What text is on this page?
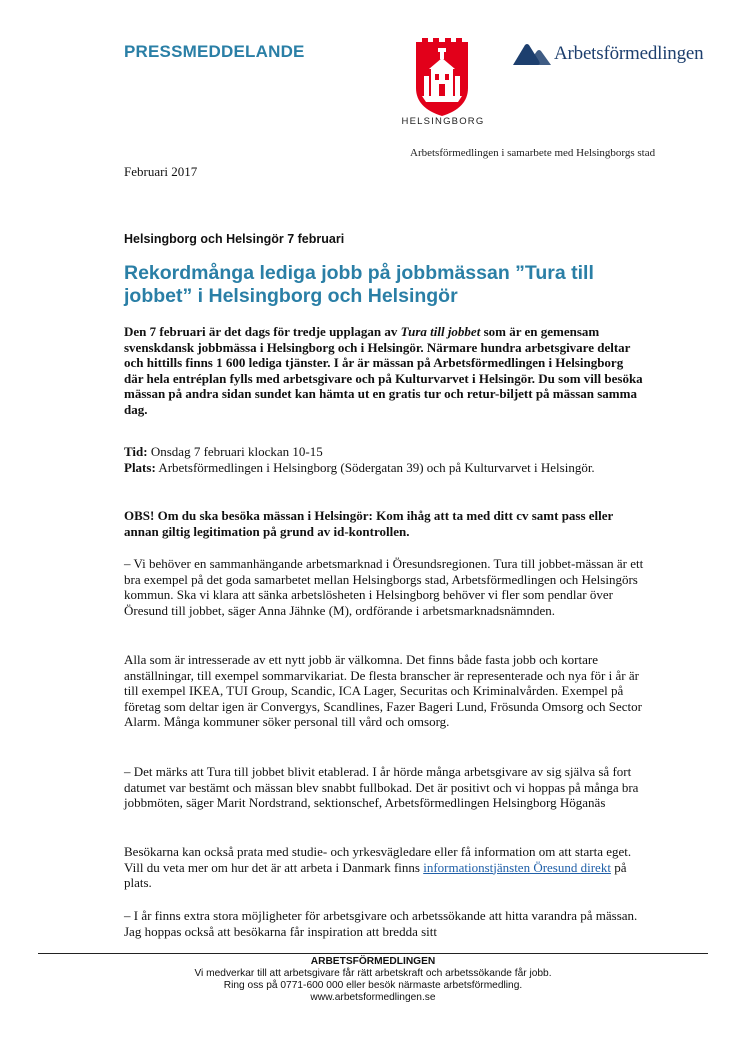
PRESSMEDDELANDE
HELSINGBORG
Arbetsförmedlingen
Arbetsförmedlingen i samarbete med Helsingborgs stad
Februari 2017
Helsingborg och Helsingör 7 februari
Rekordmånga lediga jobb på jobbmässan ”Tura till jobbet” i Helsingborg och Helsingör

Den 7 februari är det dags för tredje upplagan av Tura till jobbet som är en gemensam svenskdansk jobbmässa i Helsingborg och i Helsingör. Närmare hundra arbetsgivare deltar och hittills finns 1 600 lediga tjänster. I år är mässan på Arbetsförmedlingen i Helsingborg där hela entréplan fylls med arbetsgivare och på Kulturvarvet i Helsingör. Du som vill besöka mässan på andra sidan sundet kan hämta ut en gratis tur och retur-biljett på mässan samma dag.

Tid: Onsdag 7 februari klockan 10-15

Plats: Arbetsförmedlingen i Helsingborg (Södergatan 39) och på Kulturvarvet i Helsingör.

OBS! Om du ska besöka mässan i Helsingör: Kom ihåg att ta med ditt cv samt pass eller annan giltig legitimation på grund av id-kontrollen.

– Vi behöver en sammanhängande arbetsmarknad i Öresundsregionen. Tura till jobbet-mässan är ett bra exempel på det goda samarbetet mellan Helsingborgs stad, Arbetsförmedlingen och Helsingörs kommun. Ska vi klara att sänka arbetslösheten i Helsingborg behöver vi fler som pendlar över Öresund till jobbet, säger Anna Jähnke (M), ordförande i arbetsmarknadsnämnden.

Alla som är intresserade av ett nytt jobb är välkomna. Det finns både fasta jobb och kortare anställningar, till exempel sommarvikariat. De flesta branscher är representerade och nya för i år är till exempel IKEA, TUI Group, Scandic, ICA Lager, Securitas och Kriminalvården. Exempel på företag som deltar igen är Convergys, Scandlines, Fazer Bageri Lund, Frösunda Omsorg och Sector Alarm. Många kommuner söker personal till vård och omsorg.

– Det märks att Tura till jobbet blivit etablerad. I år hörde många arbetsgivare av sig själva så fort datumet var bestämt och mässan blev snabbt fullbokad. Det är positivt och vi hoppas på många bra jobbmöten, säger Marit Nordstrand, sektionschef, Arbetsförmedlingen Helsingborg Höganäs

Besökarna kan också prata med studie- och yrkesvägledare eller få information om att starta eget. Vill du veta mer om hur det är att arbeta i Danmark finns informationstjänsten Öresund direkt på plats.

– I år finns extra stora möjligheter för arbetsgivare och arbetssökande att hitta varandra på mässan. Jag hoppas också att besökarna får inspiration att bredda sitt

ARBETSFÖRMEDLINGEN
Vi medverkar till att arbetsgivare får rätt arbetskraft och arbetssökande får jobb.
Ring oss på 0771-600 000 eller besök närmaste arbetsförmedling.
www.arbetsformedlingen.se
